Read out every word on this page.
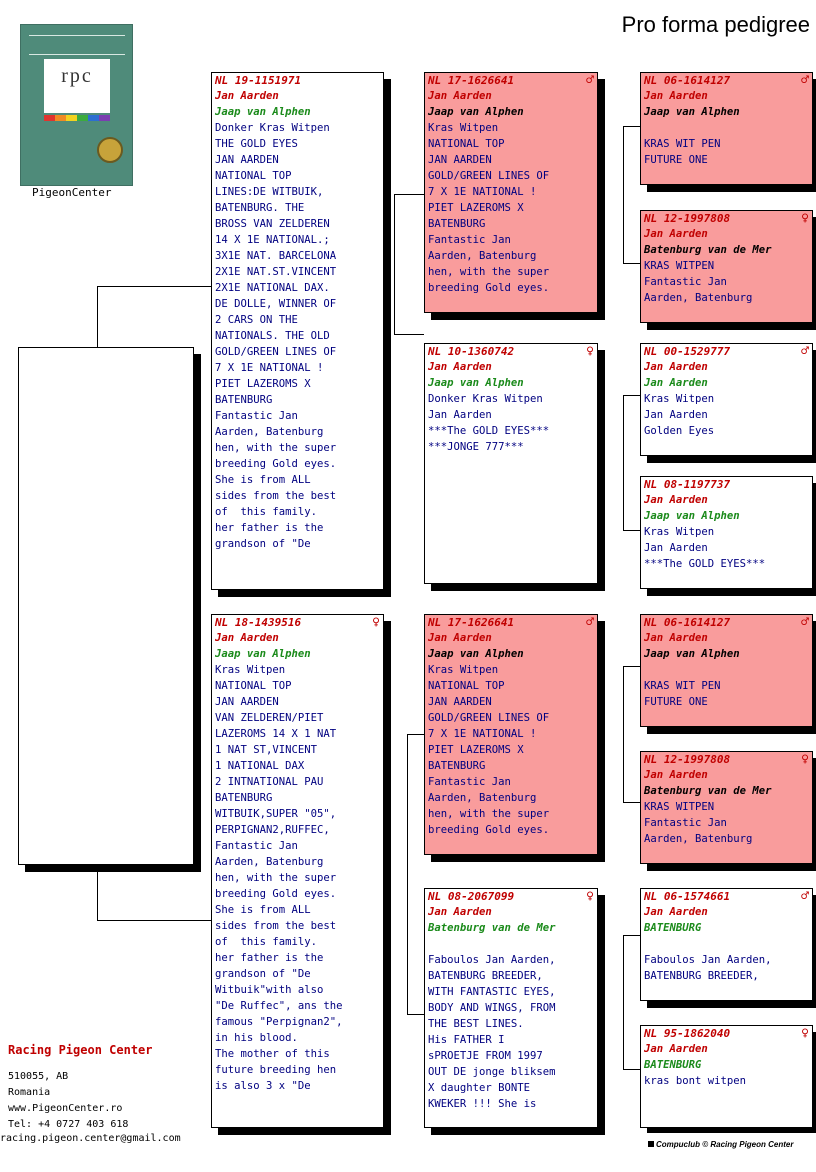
Pro forma pedigree
rpc
PigeonCenter
NL 19-1151971
Jan Aarden
Jaap van Alphen
Donker Kras Witpen
THE GOLD EYES
JAN AARDEN
NATIONAL TOP
LINES:DE WITBUIK,
BATENBURG. THE
BROSS VAN ZELDEREN
14 X 1E NATIONAL.;
3X1E NAT. BARCELONA
2X1E NAT.ST.VINCENT
2X1E NATIONAL DAX.
DE DOLLE, WINNER OF
2 CARS ON THE
NATIONALS. THE OLD
GOLD/GREEN LINES OF
7 X 1E NATIONAL !
PIET LAZEROMS X
BATENBURG
Fantastic Jan
Aarden, Batenburg
hen, with the super
breeding Gold eyes.
She is from ALL
sides from the best
of  this family.
her father is the
grandson of "De
NL 18-1439516	♀
Jan Aarden
Jaap van Alphen
Kras Witpen
NATIONAL TOP
JAN AARDEN
VAN ZELDEREN/PIET
LAZEROMS 14 X 1 NAT
1 NAT ST,VINCENT
1 NATIONAL DAX
2 INTNATIONAL PAU
BATENBURG
WITBUIK,SUPER "05",
PERPIGNAN2,RUFFEC,
Fantastic Jan
Aarden, Batenburg
hen, with the super
breeding Gold eyes.
She is from ALL
sides from the best
of  this family.
her father is the
grandson of "De
Witbuik"with also
"De Ruffec", ans the
famous "Perpignan2",
in his blood.
The mother of this
future breeding hen
is also 3 x "De
NL 17-1626641	♂
Jan Aarden
Jaap van Alphen
Kras Witpen
NATIONAL TOP
JAN AARDEN
GOLD/GREEN LINES OF
7 X 1E NATIONAL !
PIET LAZEROMS X
BATENBURG
Fantastic Jan
Aarden, Batenburg
hen, with the super
breeding Gold eyes.
NL 10-1360742	♀
Jan Aarden
Jaap van Alphen
Donker Kras Witpen
Jan Aarden
***The GOLD EYES***
***JONGE 777***
NL 17-1626641	♂
Jan Aarden
Jaap van Alphen
Kras Witpen
NATIONAL TOP
JAN AARDEN
GOLD/GREEN LINES OF
7 X 1E NATIONAL !
PIET LAZEROMS X
BATENBURG
Fantastic Jan
Aarden, Batenburg
hen, with the super
breeding Gold eyes.
NL 08-2067099	♀
Jan Aarden
Batenburg van de Mer

Faboulos Jan Aarden,
BATENBURG BREEDER,
WITH FANTASTIC EYES,
BODY AND WINGS, FROM
THE BEST LINES.
His FATHER I
sPROETJE FROM 1997
OUT DE jonge bliksem
X daughter BONTE
KWEKER !!! She is
NL 06-1614127	♂
Jan Aarden
Jaap van Alphen

KRAS WIT PEN
FUTURE ONE
NL 12-1997808	♀
Jan Aarden
Batenburg van de Mer
KRAS WITPEN
Fantastic Jan
Aarden, Batenburg
NL 00-1529777	♂
Jan Aarden
Jan Aarden
Kras Witpen
Jan Aarden
Golden Eyes
NL 08-1197737
Jan Aarden
Jaap van Alphen
Kras Witpen
Jan Aarden
***The GOLD EYES***
NL 06-1614127	♂
Jan Aarden
Jaap van Alphen

KRAS WIT PEN
FUTURE ONE
NL 12-1997808	♀
Jan Aarden
Batenburg van de Mer
KRAS WITPEN
Fantastic Jan
Aarden, Batenburg
NL 06-1574661	♂
Jan Aarden
BATENBURG

Faboulos Jan Aarden,
BATENBURG BREEDER,
NL 95-1862040	♀
Jan Aarden
BATENBURG
kras bont witpen
Racing Pigeon Center
510055, AB
Romania
www.PigeonCenter.ro
Tel: +4 0727 403 618
racing.pigeon.center@gmail.com
Compuclub © Racing Pigeon Center
